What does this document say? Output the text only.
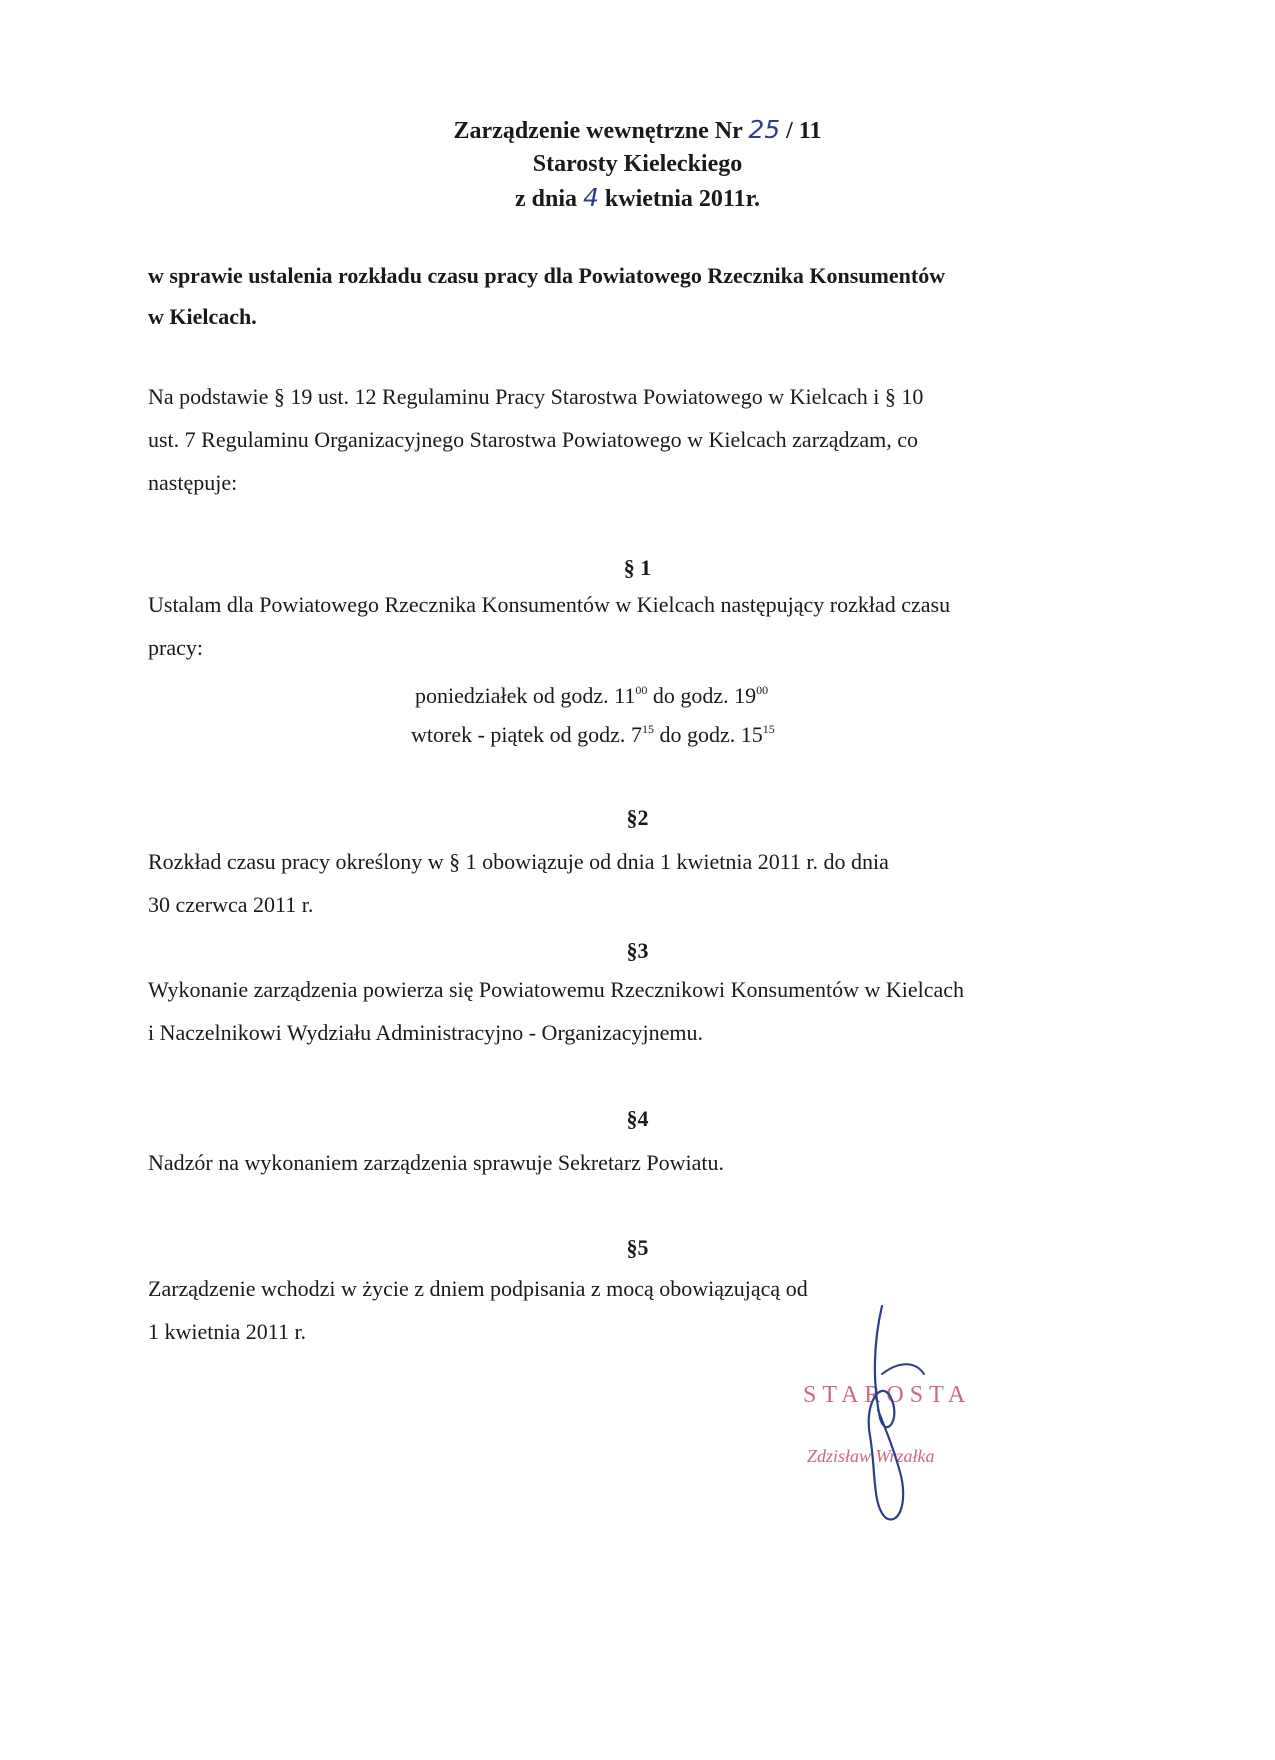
Zarządzenie wewnętrzne Nr 25 / 11
Starosty Kieleckiego
z dnia 4 kwietnia 2011r.
w sprawie ustalenia rozkładu czasu pracy dla Powiatowego Rzecznika Konsumentów
w Kielcach.
Na podstawie § 19 ust. 12 Regulaminu Pracy Starostwa Powiatowego w Kielcach i § 10
ust. 7 Regulaminu Organizacyjnego Starostwa Powiatowego w Kielcach zarządzam, co
następuje:
§ 1
Ustalam dla Powiatowego Rzecznika Konsumentów w Kielcach następujący rozkład czasu
pracy:
poniedziałek od godz. $11^{00}$ do godz. $19^{00}$
wtorek - piątek od godz. $7^{15}$ do godz. $15^{15}$
§2
Rozkład czasu pracy określony w § 1 obowiązuje od dnia 1 kwietnia 2011 r. do dnia
30 czerwca 2011 r.
§3
Wykonanie zarządzenia powierza się Powiatowemu Rzecznikowi Konsumentów w Kielcach
i Naczelnikowi Wydziału Administracyjno - Organizacyjnemu.
§4
Nadzór na wykonaniem zarządzenia sprawuje Sekretarz Powiatu.
§5
Zarządzenie wchodzi w życie z dniem podpisania z mocą obowiązującą od
1 kwietnia 2011 r.
STAROSTA
Zdzisław Wrzałka
